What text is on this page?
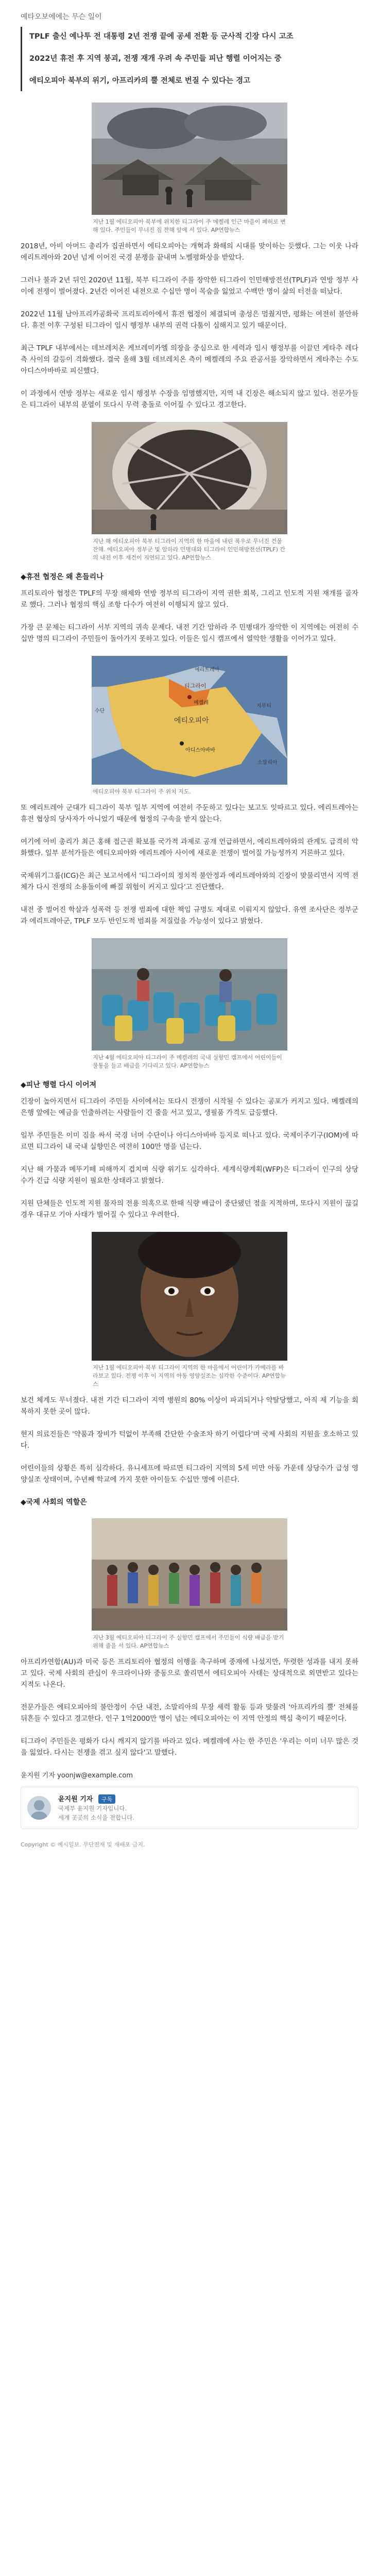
예타오보에에는 무슨 일이

TPLF 출신 예나투 전 대통령 2년 전쟁 끝에 공세 전환 등 군사적 긴장 다시 고조

2022년 휴전 후 지역 붕괴, 전쟁 재개 우려 속 주민들 피난 행렬 이어지는 중

에티오피아 북부의 위기, 아프리카의 뿔 전체로 번질 수 있다는 경고

지난 1월 에티오피아 북부에 위치한 티그라이 주 메켈레 인근 마을이 폐허로 변해 있다. 주민들이 무너진 집 잔해 앞에 서 있다. AP연합뉴스

2018년, 아비 아머드 총리가 집권하면서 에티오피아는 개혁과 화해의 시대를 맞이하는 듯했다. 그는 이웃 나라 에리트레아와 20년 넘게 이어진 국경 분쟁을 끝내며 노벨평화상을 받았다.

그러나 불과 2년 뒤인 2020년 11월, 북부 티그라이 주를 장악한 티그라이 인민해방전선(TPLF)과 연방 정부 사이에 전쟁이 벌어졌다. 2년간 이어진 내전으로 수십만 명이 목숨을 잃었고 수백만 명이 삶의 터전을 떠났다.

2022년 11월 남아프리카공화국 프리토리아에서 휴전 협정이 체결되며 총성은 멈췄지만, 평화는 여전히 불안하다. 휴전 이후 구성된 티그라이 임시 행정부 내부의 권력 다툼이 심해지고 있기 때문이다.

최근 TPLF 내부에서는 데브레치온 게브레미카엘 의장을 중심으로 한 세력과 임시 행정부를 이끌던 게타추 레다 측 사이의 갈등이 격화했다. 결국 올해 3월 데브레치온 측이 메켈레의 주요 관공서를 장악하면서 게타추는 수도 아디스아바바로 피신했다.

이 과정에서 연방 정부는 새로운 임시 행정부 수장을 임명했지만, 지역 내 긴장은 해소되지 않고 있다. 전문가들은 티그라이 내부의 분열이 또다시 무력 충돌로 이어질 수 있다고 경고한다.

지난 해 에티오피아 북부 티그라이 지역의 한 마을에 내린 폭우로 무너진 건물 잔해. 에티오피아 정부군 및 암하라 민병대와 티그라이 인민해방전선(TPLF) 간의 내전 이후 재건이 지연되고 있다. AP연합뉴스
◆휴전 협정은 왜 흔들리나

프리토리아 협정은 TPLF의 무장 해제와 연방 정부의 티그라이 지역 권한 회복, 그리고 인도적 지원 재개를 골자로 했다. 그러나 협정의 핵심 조항 다수가 여전히 이행되지 않고 있다.

가장 큰 문제는 티그라이 서부 지역의 귀속 문제다. 내전 기간 암하라 주 민병대가 장악한 이 지역에는 여전히 수십만 명의 티그라이 주민들이 돌아가지 못하고 있다. 이들은 임시 캠프에서 열악한 생활을 이어가고 있다.

에티오피아
티그라이
메켈레
아디스아바바
에리트레아
수단
지부티
소말리아
에티오피아 북부 티그라이 주 위치 지도.

또 에리트레아 군대가 티그라이 북부 일부 지역에 여전히 주둔하고 있다는 보고도 잇따르고 있다. 에리트레아는 휴전 협상의 당사자가 아니었기 때문에 협정의 구속을 받지 않는다.

여기에 아비 총리가 최근 홍해 접근권 확보를 국가적 과제로 공개 언급하면서, 에리트레아와의 관계도 급격히 악화했다. 일부 분석가들은 에티오피아와 에리트레아 사이에 새로운 전쟁이 벌어질 가능성까지 거론하고 있다.

국제위기그룹(ICG)은 최근 보고서에서 '티그라이의 정치적 불안정과 에리트레아와의 긴장이 맞물리면서 지역 전체가 다시 전쟁의 소용돌이에 빠질 위험이 커지고 있다'고 진단했다.

내전 중 벌어진 학살과 성폭력 등 전쟁 범죄에 대한 책임 규명도 제대로 이뤄지지 않았다. 유엔 조사단은 정부군과 에리트레아군, TPLF 모두 반인도적 범죄를 저질렀을 가능성이 있다고 밝혔다.

지난 4월 에티오피아 티그라이 주 메켈레의 국내 실향민 캠프에서 어린이들이 물통을 들고 배급을 기다리고 있다. AP연합뉴스
◆피난 행렬 다시 이어져

긴장이 높아지면서 티그라이 주민들 사이에서는 또다시 전쟁이 시작될 수 있다는 공포가 커지고 있다. 메켈레의 은행 앞에는 예금을 인출하려는 사람들이 긴 줄을 서고 있고, 생필품 가격도 급등했다.

일부 주민들은 이미 짐을 싸서 국경 너머 수단이나 아디스아바바 등지로 떠나고 있다. 국제이주기구(IOM)에 따르면 티그라이 내 국내 실향민은 여전히 100만 명을 넘는다.

지난 해 가뭄과 메뚜기떼 피해까지 겹치며 식량 위기도 심각하다. 세계식량계획(WFP)은 티그라이 인구의 상당수가 긴급 식량 지원이 필요한 상태라고 밝혔다.

지원 단체들은 인도적 지원 물자의 전용 의혹으로 한때 식량 배급이 중단됐던 점을 지적하며, 또다시 지원이 끊길 경우 대규모 기아 사태가 벌어질 수 있다고 우려한다.

지난 1월 에티오피아 북부 티그라이 지역의 한 마을에서 어린이가 카메라를 바라보고 있다. 전쟁 이후 이 지역의 아동 영양실조는 심각한 수준이다. AP연합뉴스

보건 체계도 무너졌다. 내전 기간 티그라이 지역 병원의 80% 이상이 파괴되거나 약탈당했고, 아직 제 기능을 회복하지 못한 곳이 많다.

현지 의료진들은 '약품과 장비가 턱없이 부족해 간단한 수술조차 하기 어렵다'며 국제 사회의 지원을 호소하고 있다.

어린이들의 상황은 특히 심각하다. 유니세프에 따르면 티그라이 지역의 5세 미만 아동 가운데 상당수가 급성 영양실조 상태이며, 수년째 학교에 가지 못한 아이들도 수십만 명에 이른다.

◆국제 사회의 역할은
지난 3월 에티오피아 티그라이 주 실향민 캠프에서 주민들이 식량 배급을 받기 위해 줄을 서 있다. AP연합뉴스

아프리카연합(AU)과 미국 등은 프리토리아 협정의 이행을 촉구하며 중재에 나섰지만, 뚜렷한 성과를 내지 못하고 있다. 국제 사회의 관심이 우크라이나와 중동으로 쏠리면서 에티오피아 사태는 상대적으로 외면받고 있다는 지적도 나온다.

전문가들은 에티오피아의 불안정이 수단 내전, 소말리아의 무장 세력 활동 등과 맞물려 '아프리카의 뿔' 전체를 뒤흔들 수 있다고 경고한다. 인구 1억2000만 명이 넘는 에티오피아는 이 지역 안정의 핵심 축이기 때문이다.

티그라이 주민들은 평화가 다시 깨지지 않기를 바라고 있다. 메켈레에 사는 한 주민은 '우리는 이미 너무 많은 것을 잃었다. 다시는 전쟁을 겪고 싶지 않다'고 말했다.

윤지원 기자 yoonjw@example.com
윤지원 기자 구독
국제부 윤지원 기자입니다.
세계 곳곳의 소식을 전합니다.
Copyright © 예시일보. 무단전재 및 재배포 금지.
